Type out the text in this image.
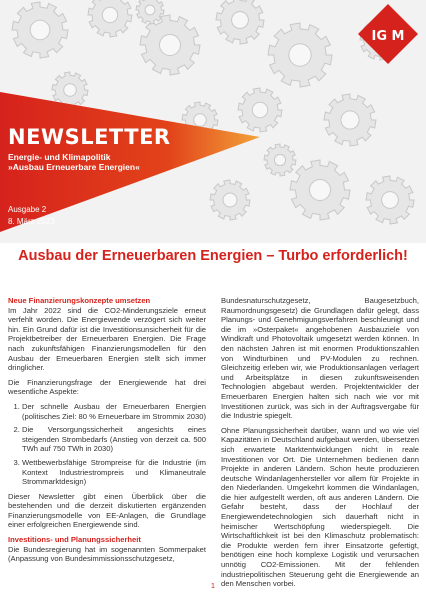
NEWSLETTER
Energie- und Klimapolitik
»Ausbau Erneuerbare Energien«
Ausgabe 2
8. März 2023
IG M
Ausbau der Erneuerbaren Energien – Turbo erforderlich!
Neue Finanzierungskonzepte umsetzen

Im Jahr 2022 sind die CO2-Minderungsziele erneut verfehlt worden. Die Energiewende verzögert sich weiter hin. Ein Grund dafür ist die Investitionsunsicherheit für die Projektbetreiber der Erneuerbaren Energien. Die Frage nach zukunftsfähigen Finanzierungsmodellen für den Ausbau der Erneuerbaren Energien stellt sich immer dringlicher.

Die Finanzierungsfrage der Energiewende hat drei wesentliche Aspekte:

1. Der schnelle Ausbau der Erneuerbaren Energien (politisches Ziel: 80 % Erneuerbare im Strommix 2030)
2. Die Versorgungssicherheit angesichts eines steigenden Strombedarfs (Anstieg von derzeit ca. 500 TWh auf 750 TWh in 2030)
3. Wettbewerbsfähige Strompreise für die Industrie (im Kontext Industriestrompreis und Klimaneutrale Strommarktdesign)

Dieser Newsletter gibt einen Überblick über die bestehenden und die derzeit diskutierten ergänzenden Finanzierungsmodelle von EE-Anlagen, die Grundlage einer erfolgreichen Energiewende sind.

Investitions- und Planungssicherheit

Die Bundesregierung hat im sogenannten Sommerpaket (Anpassung von Bundesimmissionsschutzgesetz,

Bundesnaturschutzgesetz, Baugesetzbuch, Raumordnungsgesetz) die Grundlagen dafür gelegt, dass Planungs- und Genehmigungsverfahren beschleunigt und die im »Osterpaket« angehobenen Ausbauziele von Windkraft und Photovoltaik umgesetzt werden können. In den nächsten Jahren ist mit enormen Produktionszahlen von Windturbinen und PV-Modulen zu rechnen. Gleichzeitig erleben wir, wie Produktionsanlagen verlagert und Arbeitsplätze in diesen zukunftsweisenden Technologien abgebaut werden. Projektentwickler der Erneuerbaren Energien halten sich nach wie vor mit Investitionen zurück, was sich in der Auftragsvergabe für die Industrie spiegelt.

Ohne Planungssicherheit darüber, wann und wo wie viel Kapazitäten in Deutschland aufgebaut werden, übersetzen sich erwartete Marktentwicklungen nicht in reale Investitionen vor Ort. Die Unternehmen bedienen dann Projekte in anderen Ländern. Schon heute produzieren deutsche Windanlagenhersteller vor allem für Projekte in den Niederlanden. Umgekehrt kommen die Windanlagen, die hier aufgestellt werden, oft aus anderen Ländern. Die Gefahr besteht, dass der Hochlauf der Energiewendetechnologien sich dauerhaft nicht in heimischer Wertschöpfung wiederspiegelt. Die Wirtschaftlichkeit ist bei den Klimaschutz problematisch: die Produkte werden fern ihrer Einsatzorte gefertigt, benötigen eine hoch komplexe Logistik und verursachen unnötig CO2-Emissionen. Mit der fehlenden industriepolitischen Steuerung geht die Energiewende an den Menschen vorbei.

1
